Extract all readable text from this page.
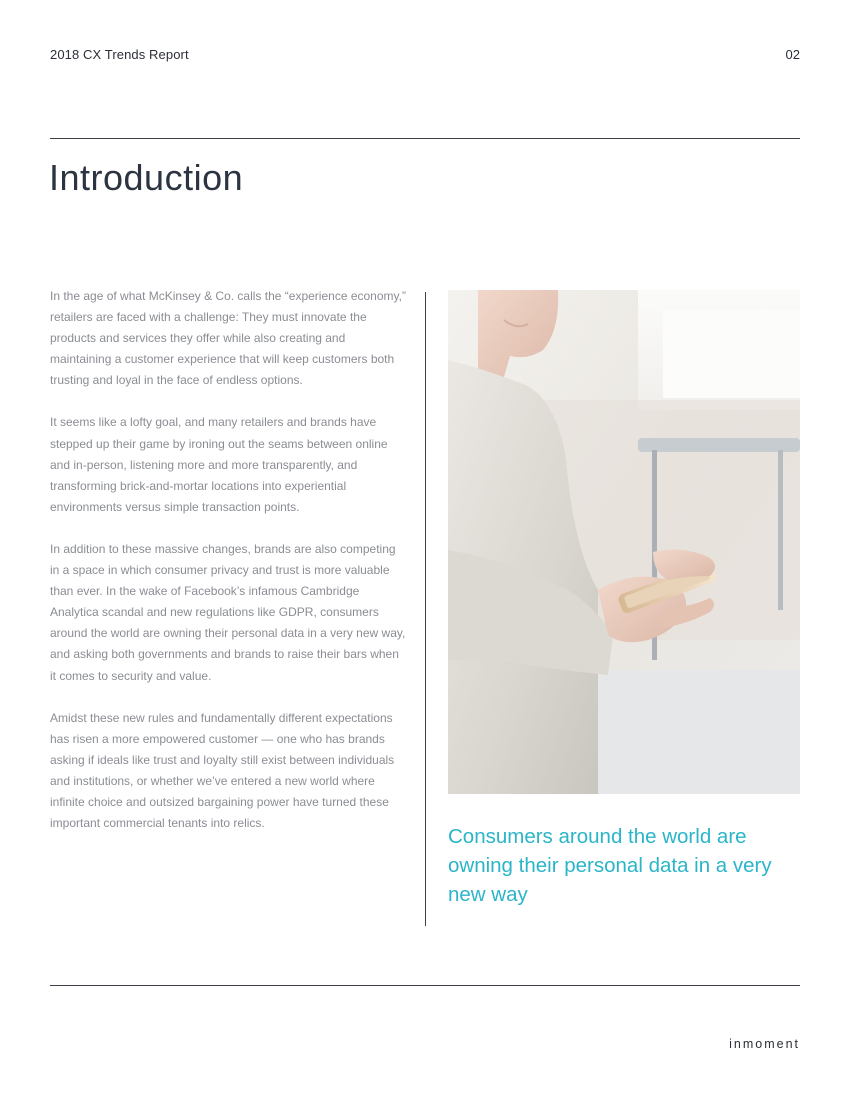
2018 CX Trends Report	02
Introduction

In the age of what McKinsey & Co. calls the “experience economy,” retailers are faced with a challenge: They must innovate the products and services they offer while also creating and maintaining a customer experience that will keep customers both trusting and loyal in the face of endless options.

It seems like a lofty goal, and many retailers and brands have stepped up their game by ironing out the seams between online and in-person, listening more and more transparently, and transforming brick-and-mortar locations into experiential environments versus simple transaction points.

In addition to these massive changes, brands are also competing in a space in which consumer privacy and trust is more valuable than ever. In the wake of Facebook’s infamous Cambridge Analytica scandal and new regulations like GDPR, consumers around the world are owning their personal data in a very new way, and asking both governments and brands to raise their bars when it comes to security and value.

Amidst these new rules and fundamentally different expectations has risen a more empowered customer — one who has brands asking if ideals like trust and loyalty still exist between individuals and institutions, or whether we’ve entered a new world where infinite choice and outsized bargaining power have turned these important commercial tenants into relics.

Consumers around the world are owning their personal data in a very new way

inmoment
